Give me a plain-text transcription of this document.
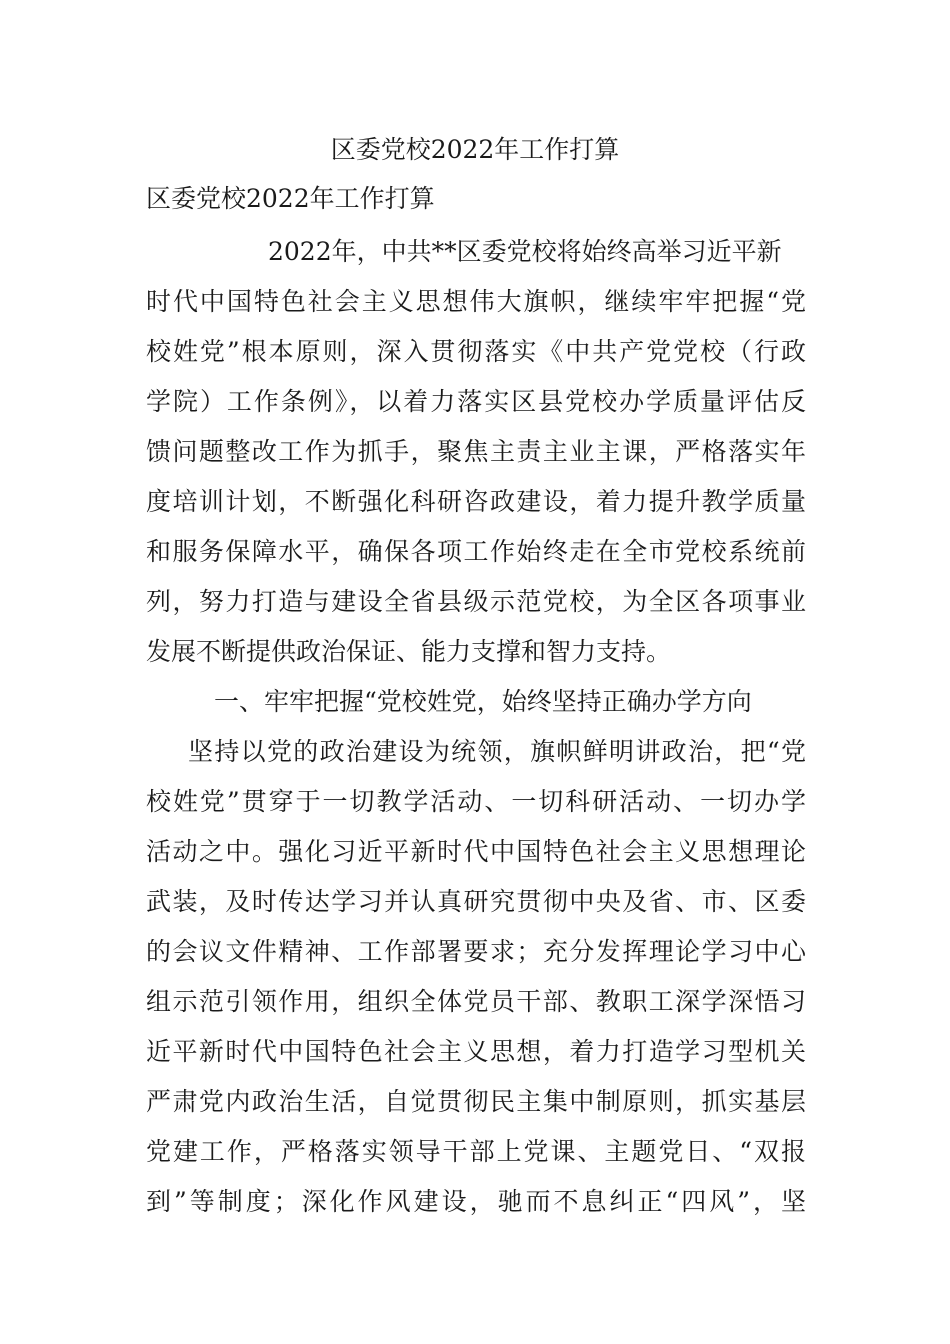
区委党校2022年工作打算
区委党校2022年工作打算
2022年，中共**区委党校将始终高举习近平新
时代中国特色社会主义思想伟大旗帜，继续牢牢把握“党
校姓党”根本原则，深入贯彻落实《中共产党党校（行政
学院）工作条例》，以着力落实区县党校办学质量评估反
馈问题整改工作为抓手，聚焦主责主业主课，严格落实年
度培训计划，不断强化科研咨政建设，着力提升教学质量
和服务保障水平，确保各项工作始终走在全市党校系统前
列，努力打造与建设全省县级示范党校，为全区各项事业
发展不断提供政治保证、能力支撑和智力支持。
一、牢牢把握“党校姓党，始终坚持正确办学方向
坚持以党的政治建设为统领，旗帜鲜明讲政治，把“党
校姓党”贯穿于一切教学活动、一切科研活动、一切办学
活动之中。强化习近平新时代中国特色社会主义思想理论
武装，及时传达学习并认真研究贯彻中央及省、市、区委
的会议文件精神、工作部署要求；充分发挥理论学习中心
组示范引领作用，组织全体党员干部、教职工深学深悟习
近平新时代中国特色社会主义思想，着力打造学习型机关
严肃党内政治生活，自觉贯彻民主集中制原则，抓实基层
党建工作，严格落实领导干部上党课、主题党日、“双报
到”等制度；深化作风建设，驰而不息纠正“四风”，坚
